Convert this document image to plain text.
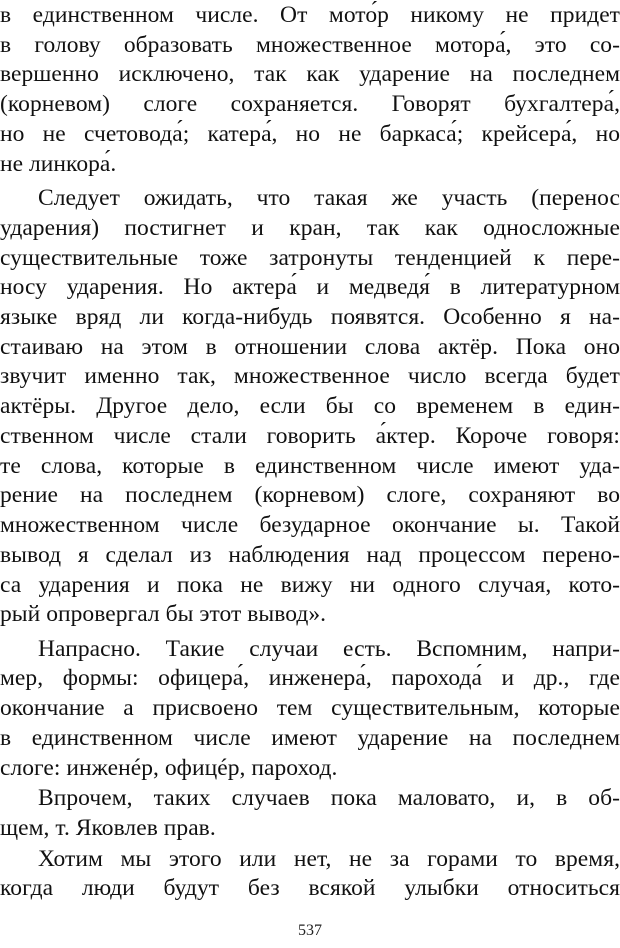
в единственном числе. От мото́р никому не придет
в голову образовать множественное мотора́, это со-
вершенно исключено, так как ударение на последнем
(корневом) слоге сохраняется. Говорят бухгалтера́,
но не счетовода́; катера́, но не баркаса́; крейсера́, но
не линкора́.
Следует ожидать, что такая же участь (перенос
ударения) постигнет и кран, так как односложные
существительные тоже затронуты тенденцией к пере-
носу ударения. Но актера́ и медведя́ в литературном
языке вряд ли когда-нибудь появятся. Особенно я на-
стаиваю на этом в отношении слова актёр. Пока оно
звучит именно так, множественное число всегда будет
актёры. Другое дело, если бы со временем в един-
ственном числе стали говорить а́ктер. Короче говоря:
те слова, которые в единственном числе имеют уда-
рение на последнем (корневом) слоге, сохраняют во
множественном числе безударное окончание ы. Такой
вывод я сделал из наблюдения над процессом перено-
са ударения и пока не вижу ни одного случая, кото-
рый опровергал бы этот вывод».
Напрасно. Такие случаи есть. Вспомним, напри-
мер, формы: офицера́, инженера́, парохода́ и др., где
окончание а присвоено тем существительным, которые
в единственном числе имеют ударение на последнем
слоге: инженéр, офицéр, пароход.
Впрочем, таких случаев пока маловато, и, в об-
щем, т. Яковлев прав.
Хотим мы этого или нет, не за горами то время,
когда люди будут без всякой улыбки относиться
537
